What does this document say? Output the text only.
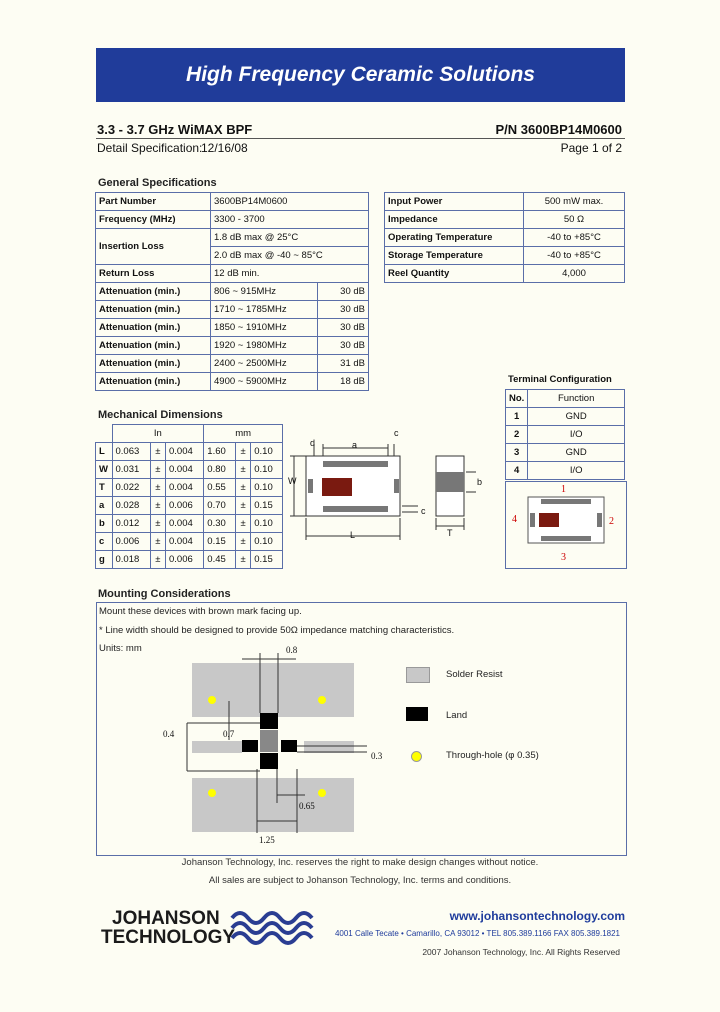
High Frequency Ceramic Solutions
3.3 - 3.7 GHz WiMAX BPF	P/N 3600BP14M0600
Detail Specification:
12/16/08	Page 1 of 2
General Specifications
Part Number	3600BP14M0600	
Frequency (MHz)	3300 - 3700	
Insertion Loss	1.8 dB max @ 25°C	
	2.0 dB max @ -40 ~ 85°C	
Return Loss	12 dB min.	
Attenuation (min.)	806 ~ 915MHz	30 dB
Attenuation (min.)	1710 ~ 1785MHz	30 dB
Attenuation (min.)	1850 ~ 1910MHz	30 dB
Attenuation (min.)	1920 ~ 1980MHz	30 dB
Attenuation (min.)	2400 ~ 2500MHz	31 dB
Attenuation (min.)	4900 ~ 5900MHz	18 dB
Input Power	500 mW max.
Impedance	50 Ω
Operating Temperature	-40 to +85°C
Storage Temperature	-40 to +85°C
Reel Quantity	4,000
Terminal Configuration
No.	Function
1	GND
2	I/O
3	GND
4	I/O
1
2
3
4
Mechanical Dimensions
	In			mm		
L	0.063	±	0.004	1.60	±	0.10
W	0.031	±	0.004	0.80	±	0.10
T	0.022	±	0.004	0.55	±	0.10
a	0.028	±	0.006	0.70	±	0.15
b	0.012	±	0.004	0.30	±	0.10
c	0.006	±	0.004	0.15	±	0.10
g	0.018	±	0.006	0.45	±	0.15
d	a
c
W
c
L
b
T
Mounting Considerations
Mount these devices with brown mark facing up.
* Line width should be designed to provide 50Ω impedance matching characteristics.
Units: mm	0.8
0.4	0.7
0.3
0.65
1.25
Solder Resist
Land
Through-hole (φ 0.35)
Johanson Technology, Inc. reserves the right to make design changes without notice.
All sales are subject to Johanson Technology, Inc. terms and conditions.
JOHANSON
TECHNOLOGY
www.johansontechnology.com
4001 Calle Tecate • Camarillo, CA 93012 • TEL 805.389.1166 FAX 805.389.1821
2007 Johanson Technology, Inc. All Rights Reserved
